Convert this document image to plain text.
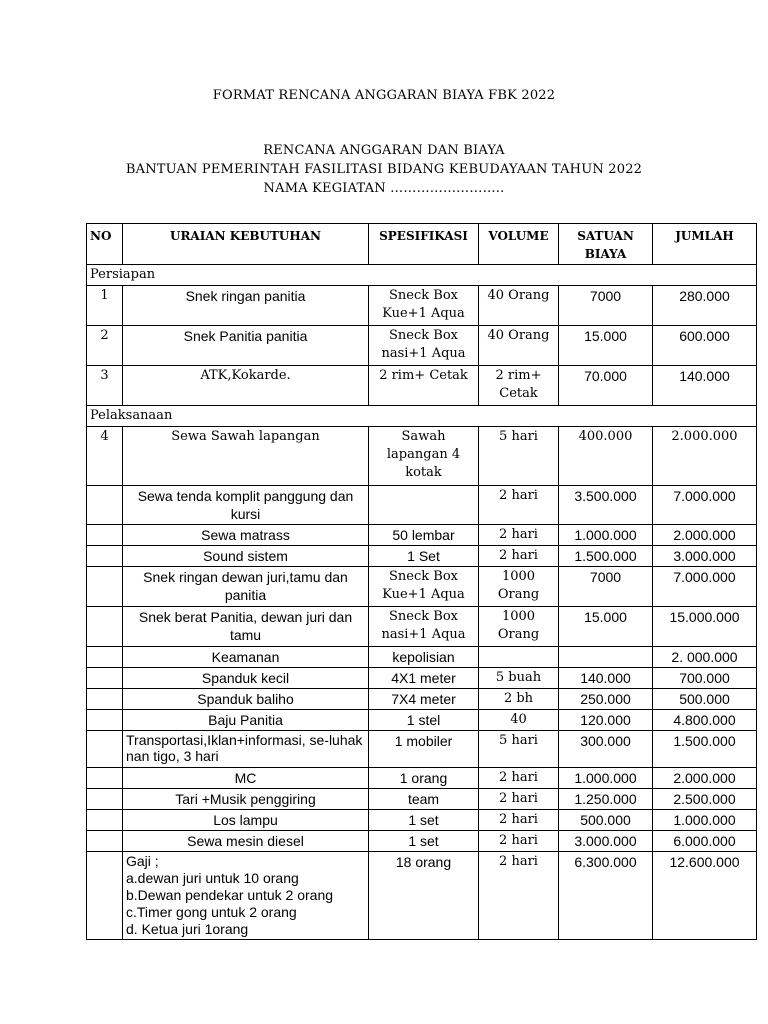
FORMAT RENCANA ANGGARAN BIAYA FBK 2022
RENCANA ANGGARAN DAN BIAYA
BANTUAN PEMERINTAH FASILITASI BIDANG KEBUDAYAAN TAHUN 2022
NAMA KEGIATAN ……………………..
NO	URAIAN KEBUTUHAN	SPESIFIKASI	VOLUME	SATUAN BIAYA	JUMLAH
Persiapan					
1	Snek ringan panitia	Sneck Box Kue+1 Aqua	40 Orang	7000	280.000
2	Snek Panitia panitia	Sneck Box nasi+1 Aqua	40 Orang	15.000	600.000
3	ATK,Kokarde.	2 rim+ Cetak	2 rim+ Cetak	70.000	140.000
Pelaksanaan					
4	Sewa Sawah lapangan	Sawah lapangan 4 kotak	5 hari	400.000	2.000.000
	Sewa tenda komplit panggung dan kursi		2 hari	3.500.000	7.000.000
	Sewa matrass	50 lembar	2 hari	1.000.000	2.000.000
	Sound sistem	1 Set	2 hari	1.500.000	3.000.000
	Snek ringan dewan juri,tamu dan panitia	Sneck Box Kue+1 Aqua	1000 Orang	7000	7.000.000
	Snek berat Panitia, dewan juri dan tamu	Sneck Box nasi+1 Aqua	1000 Orang	15.000	15.000.000
	Keamanan	kepolisian			2. 000.000
	Spanduk kecil	4X1 meter	5 buah	140.000	700.000
	Spanduk baliho	7X4 meter	2 bh	250.000	500.000
	Baju Panitia	1 stel	40	120.000	4.800.000
	Transportasi,Iklan+informasi, se-luhak nan tigo, 3 hari	1 mobiler	5 hari	300.000	1.500.000
	MC	1 orang	2 hari	1.000.000	2.000.000
	Tari +Musik penggiring	team	2 hari	1.250.000	2.500.000
	Los lampu	1 set	2 hari	500.000	1.000.000
	Sewa mesin diesel	1 set	2 hari	3.000.000	6.000.000

	Gaji ;
a.dewan juri untuk 10 orang
b.Dewan pendekar untuk 2 orang
c.Timer gong untuk 2 orang
d. Ketua juri 1orang	18 orang	2 hari	6.300.000	12.600.000
